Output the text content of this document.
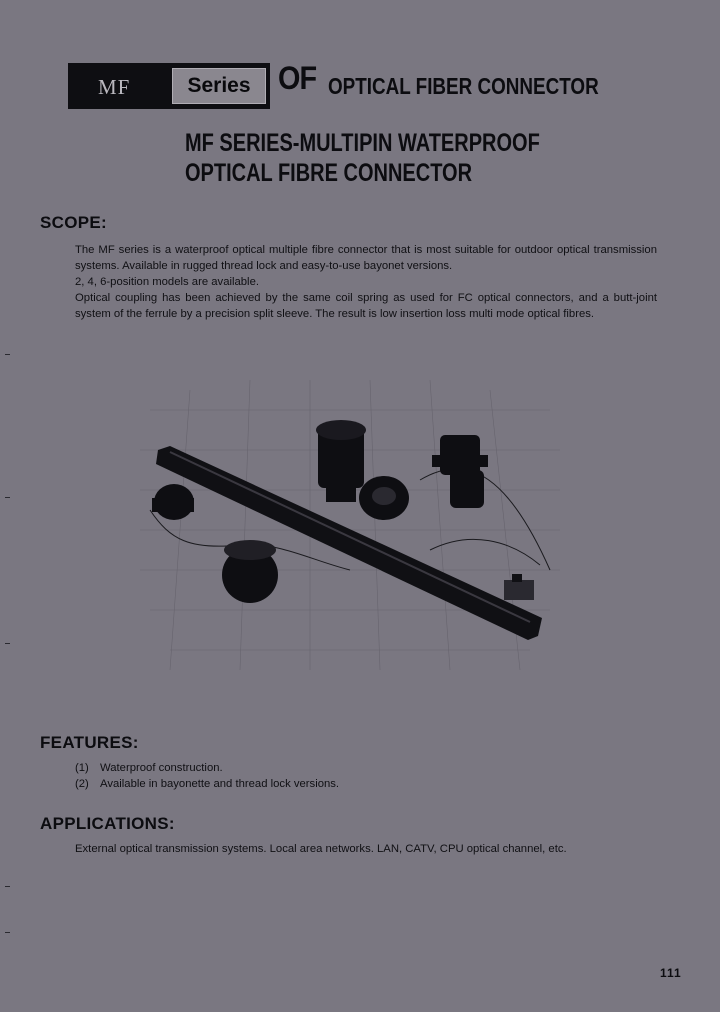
MF	Series OF OPTICAL FIBER CONNECTOR
MF SERIES-MULTIPIN WATERPROOF
OPTICAL FIBRE CONNECTOR
SCOPE:

The MF series is a waterproof optical multiple fibre connector that is most suitable for outdoor optical transmission systems. Available in rugged thread lock and easy-to-use bayonet versions.

2, 4, 6-position models are available.

Optical coupling has been achieved by the same coil spring as used for FC optical connectors, and a butt-joint system of the ferrule by a precision split sleeve. The result is low insertion loss multi mode optical fibres.

FEATURES:
(1) Waterproof construction.
(2) Available in bayonette and thread lock versions.
APPLICATIONS:
External optical transmission systems. Local area networks. LAN, CATV, CPU optical channel, etc.
111
